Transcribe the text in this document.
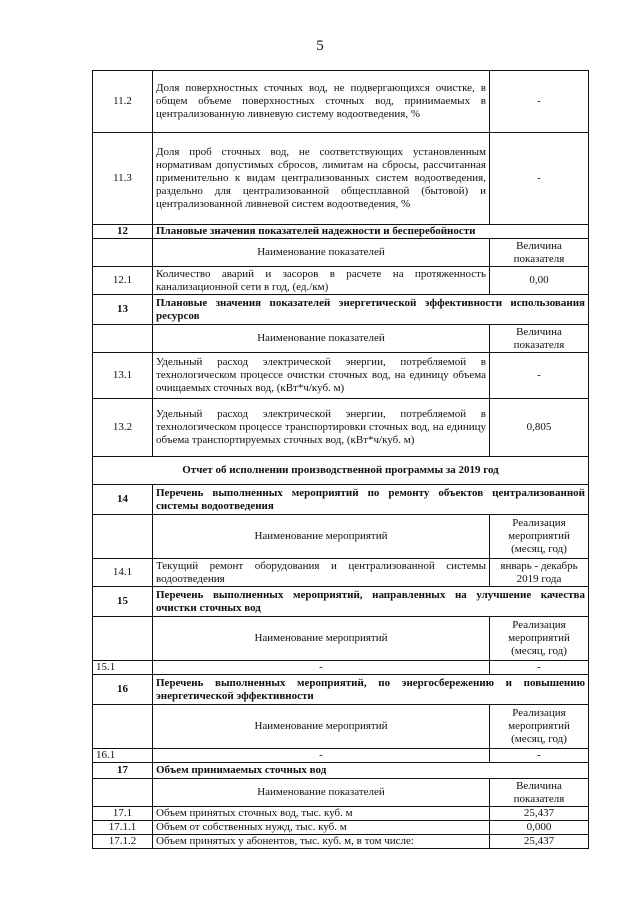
5
11.2	Доля поверхностных сточных вод, не подвергающихся очистке, в общем объеме поверхностных сточных вод, принимаемых в централизованную ливневую систему водоотведения, %	-
11.3	Доля проб сточных вод, не соответствующих установленным нормативам допустимых сбросов, лимитам на сбросы, рассчитанная применительно к видам централизованных систем водоотведения, раздельно для централизованной общесплавной (бытовой) и централизованной ливневой систем водоотведения, %	-
12	Плановые значения показателей надежности и бесперебойности	
	Наименование показателей	Величина показателя
12.1	Количество аварий и засоров в расчете на протяженность канализационной сети в год, (ед./км)	0,00
13	Плановые значения показателей энергетической эффективности использования ресурсов	
	Наименование показателей	Величина показателя
13.1	Удельный расход электрической энергии, потребляемой в технологическом процессе очистки сточных вод, на единицу объема очищаемых сточных вод, (кВт*ч/куб. м)	-
13.2	Удельный расход электрической энергии, потребляемой в технологическом процессе транспортировки сточных вод, на единицу объема транспортируемых сточных вод, (кВт*ч/куб. м)	0,805
Отчет об исполнении производственной программы за 2019 год		
14	Перечень выполненных мероприятий по ремонту объектов централизованной системы водоотведения	
	Наименование мероприятий	Реализация мероприятий (месяц, год)
14.1	Текущий ремонт оборудования и централизованной системы водоотведения	январь - декабрь 2019 года
15	Перечень выполненных мероприятий, направленных на улучшение качества очистки сточных вод	
	Наименование мероприятий	Реализация мероприятий (месяц, год)
15.1	-	-
16	Перечень выполненных мероприятий, по энергосбережению и повышению энергетической эффективности	
	Наименование мероприятий	Реализация мероприятий (месяц, год)
16.1	-	-
17	Объем принимаемых сточных вод	
	Наименование показателей	Величина показателя
17.1	Объем принятых сточных вод, тыс. куб. м	25,437
17.1.1	Объем от собственных нужд, тыс. куб. м	0,000
17.1.2	Объем принятых у абонентов, тыс. куб. м, в том числе:	25,437
